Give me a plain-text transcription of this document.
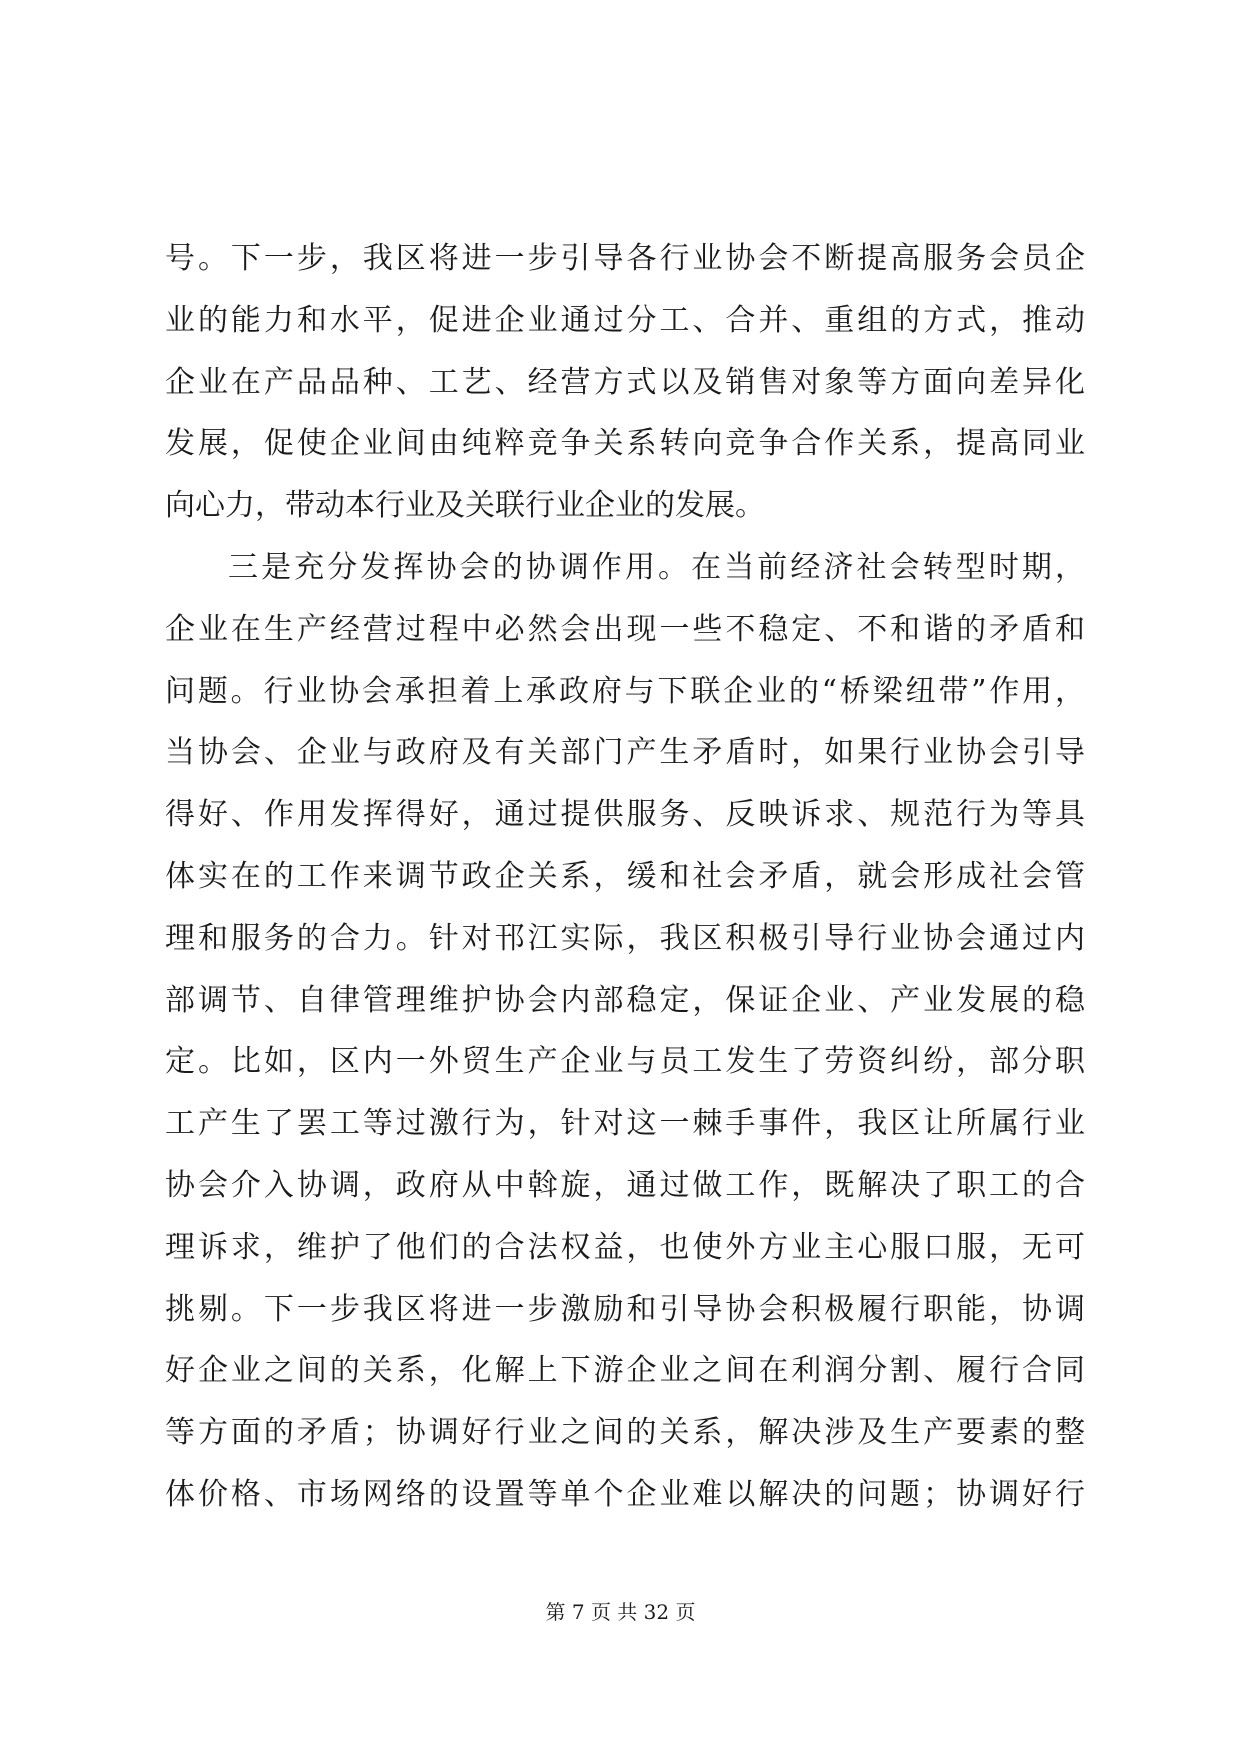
号。下一步，我区将进一步引导各行业协会不断提高服务会员企
业的能力和水平，促进企业通过分工、合并、重组的方式，推动
企业在产品品种、工艺、经营方式以及销售对象等方面向差异化
发展，促使企业间由纯粹竞争关系转向竞争合作关系，提高同业
向心力，带动本行业及关联行业企业的发展。
三是充分发挥协会的协调作用。在当前经济社会转型时期，
企业在生产经营过程中必然会出现一些不稳定、不和谐的矛盾和
问题。行业协会承担着上承政府与下联企业的“桥梁纽带”作用，
当协会、企业与政府及有关部门产生矛盾时，如果行业协会引导
得好、作用发挥得好，通过提供服务、反映诉求、规范行为等具
体实在的工作来调节政企关系，缓和社会矛盾，就会形成社会管
理和服务的合力。针对邗江实际，我区积极引导行业协会通过内
部调节、自律管理维护协会内部稳定，保证企业、产业发展的稳
定。比如，区内一外贸生产企业与员工发生了劳资纠纷，部分职
工产生了罢工等过激行为，针对这一棘手事件，我区让所属行业
协会介入协调，政府从中斡旋，通过做工作，既解决了职工的合
理诉求，维护了他们的合法权益，也使外方业主心服口服，无可
挑剔。下一步我区将进一步激励和引导协会积极履行职能，协调
好企业之间的关系，化解上下游企业之间在利润分割、履行合同
等方面的矛盾；协调好行业之间的关系，解决涉及生产要素的整
体价格、市场网络的设置等单个企业难以解决的问题；协调好行
第 7 页 共 32 页
